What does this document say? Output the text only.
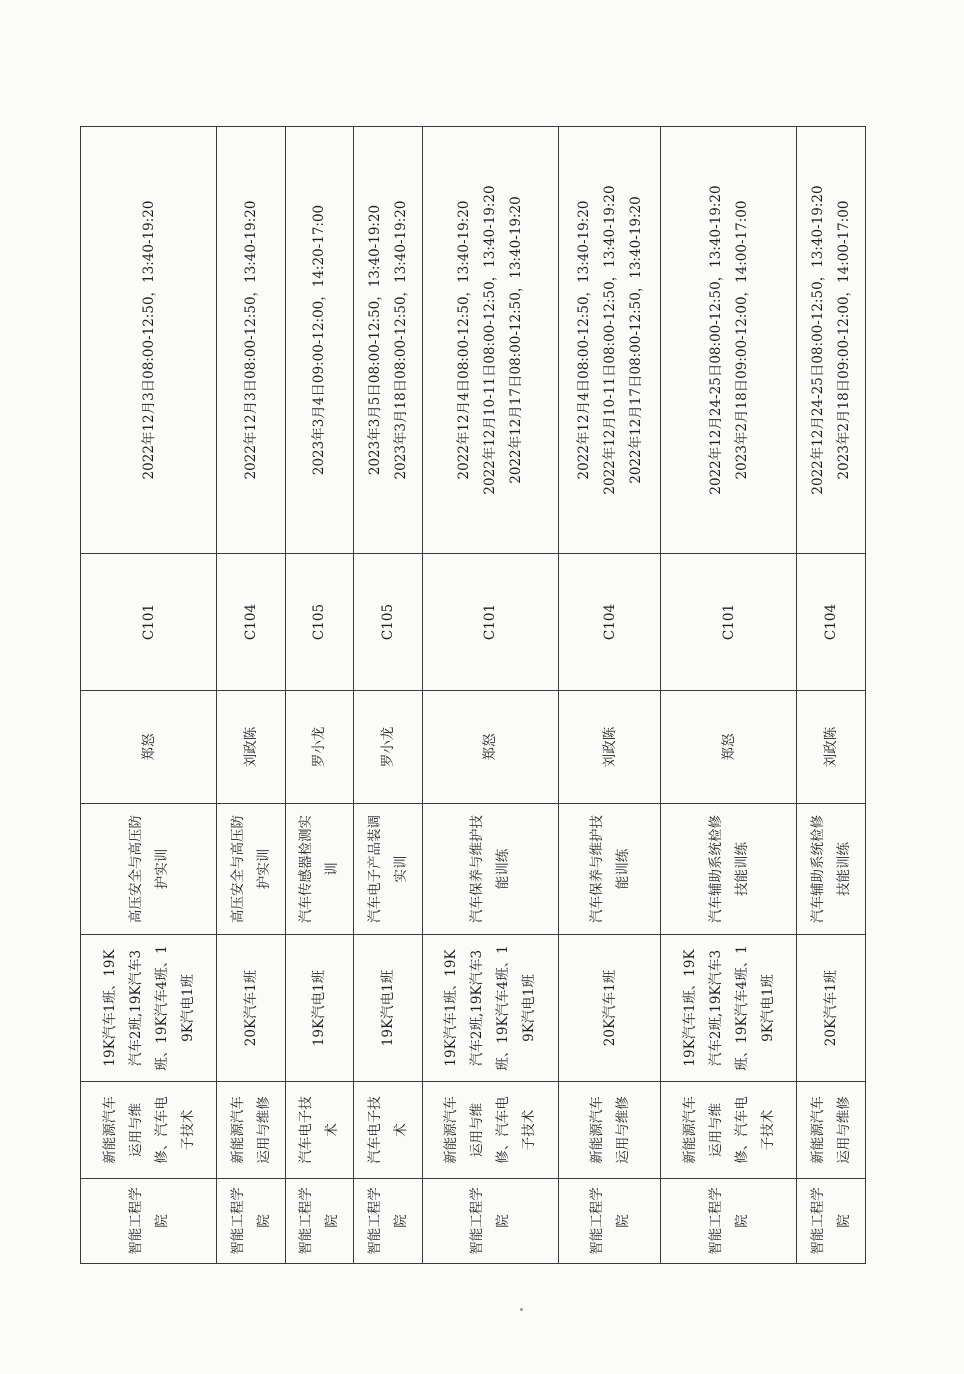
智能工程学院	新能源汽车运用与维修、汽车电子技术	19K汽车1班、19K汽车2班,19K汽车3班、19K汽车4班、19K汽电1班	高压安全与高压防护实训	郑怒	C101	2022年12月3日08:00-12:50，13:40-19:20

智能工程学院	新能源汽车运用与维修	20K汽车1班	高压安全与高压防护实训	刘政陈	C104	2022年12月3日08:00-12:50，13:40-19:20

智能工程学院	汽车电子技术	19K汽电1班	汽车传感器检测实训	罗小龙	C105	2023年3月4日09:00-12:00，14:20-17:00

智能工程学院	汽车电子技术	19K汽电1班	汽车电子产品装调实训	罗小龙	C105	2023年3月5日08:00-12:50，13:40-19:20 2023年3月18日08:00-12:50，13:40-19:20

智能工程学院	新能源汽车运用与维修、汽车电子技术	19K汽车1班、19K汽车2班,19K汽车3班、19K汽车4班、19K汽电1班	汽车保养与维护技能训练	郑怒	C101	2022年12月4日08:00-12:50，13:40-19:20 2022年12月10-11日08:00-12:50，13:40-19:20 2022年12月17日08:00-12:50，13:40-19:20

智能工程学院	新能源汽车运用与维修	20K汽车1班	汽车保养与维护技能训练	刘政陈	C104	2022年12月4日08:00-12:50，13:40-19:20 2022年12月10-11日08:00-12:50，13:40-19:20 2022年12月17日08:00-12:50，13:40-19:20

智能工程学院	新能源汽车运用与维修、汽车电子技术	19K汽车1班、19K汽车2班,19K汽车3班、19K汽车4班、19K汽电1班	汽车辅助系统检修技能训练	郑怒	C101	2022年12月24-25日08:00-12:50，13:40-19:20 2023年2月18日09:00-12:00，14:00-17:00

智能工程学院	新能源汽车运用与维修	20K汽车1班	汽车辅助系统检修技能训练	刘政陈	C104	2022年12月24-25日08:00-12:50，13:40-19:20 2023年2月18日09:00-12:00，14:00-17:00
